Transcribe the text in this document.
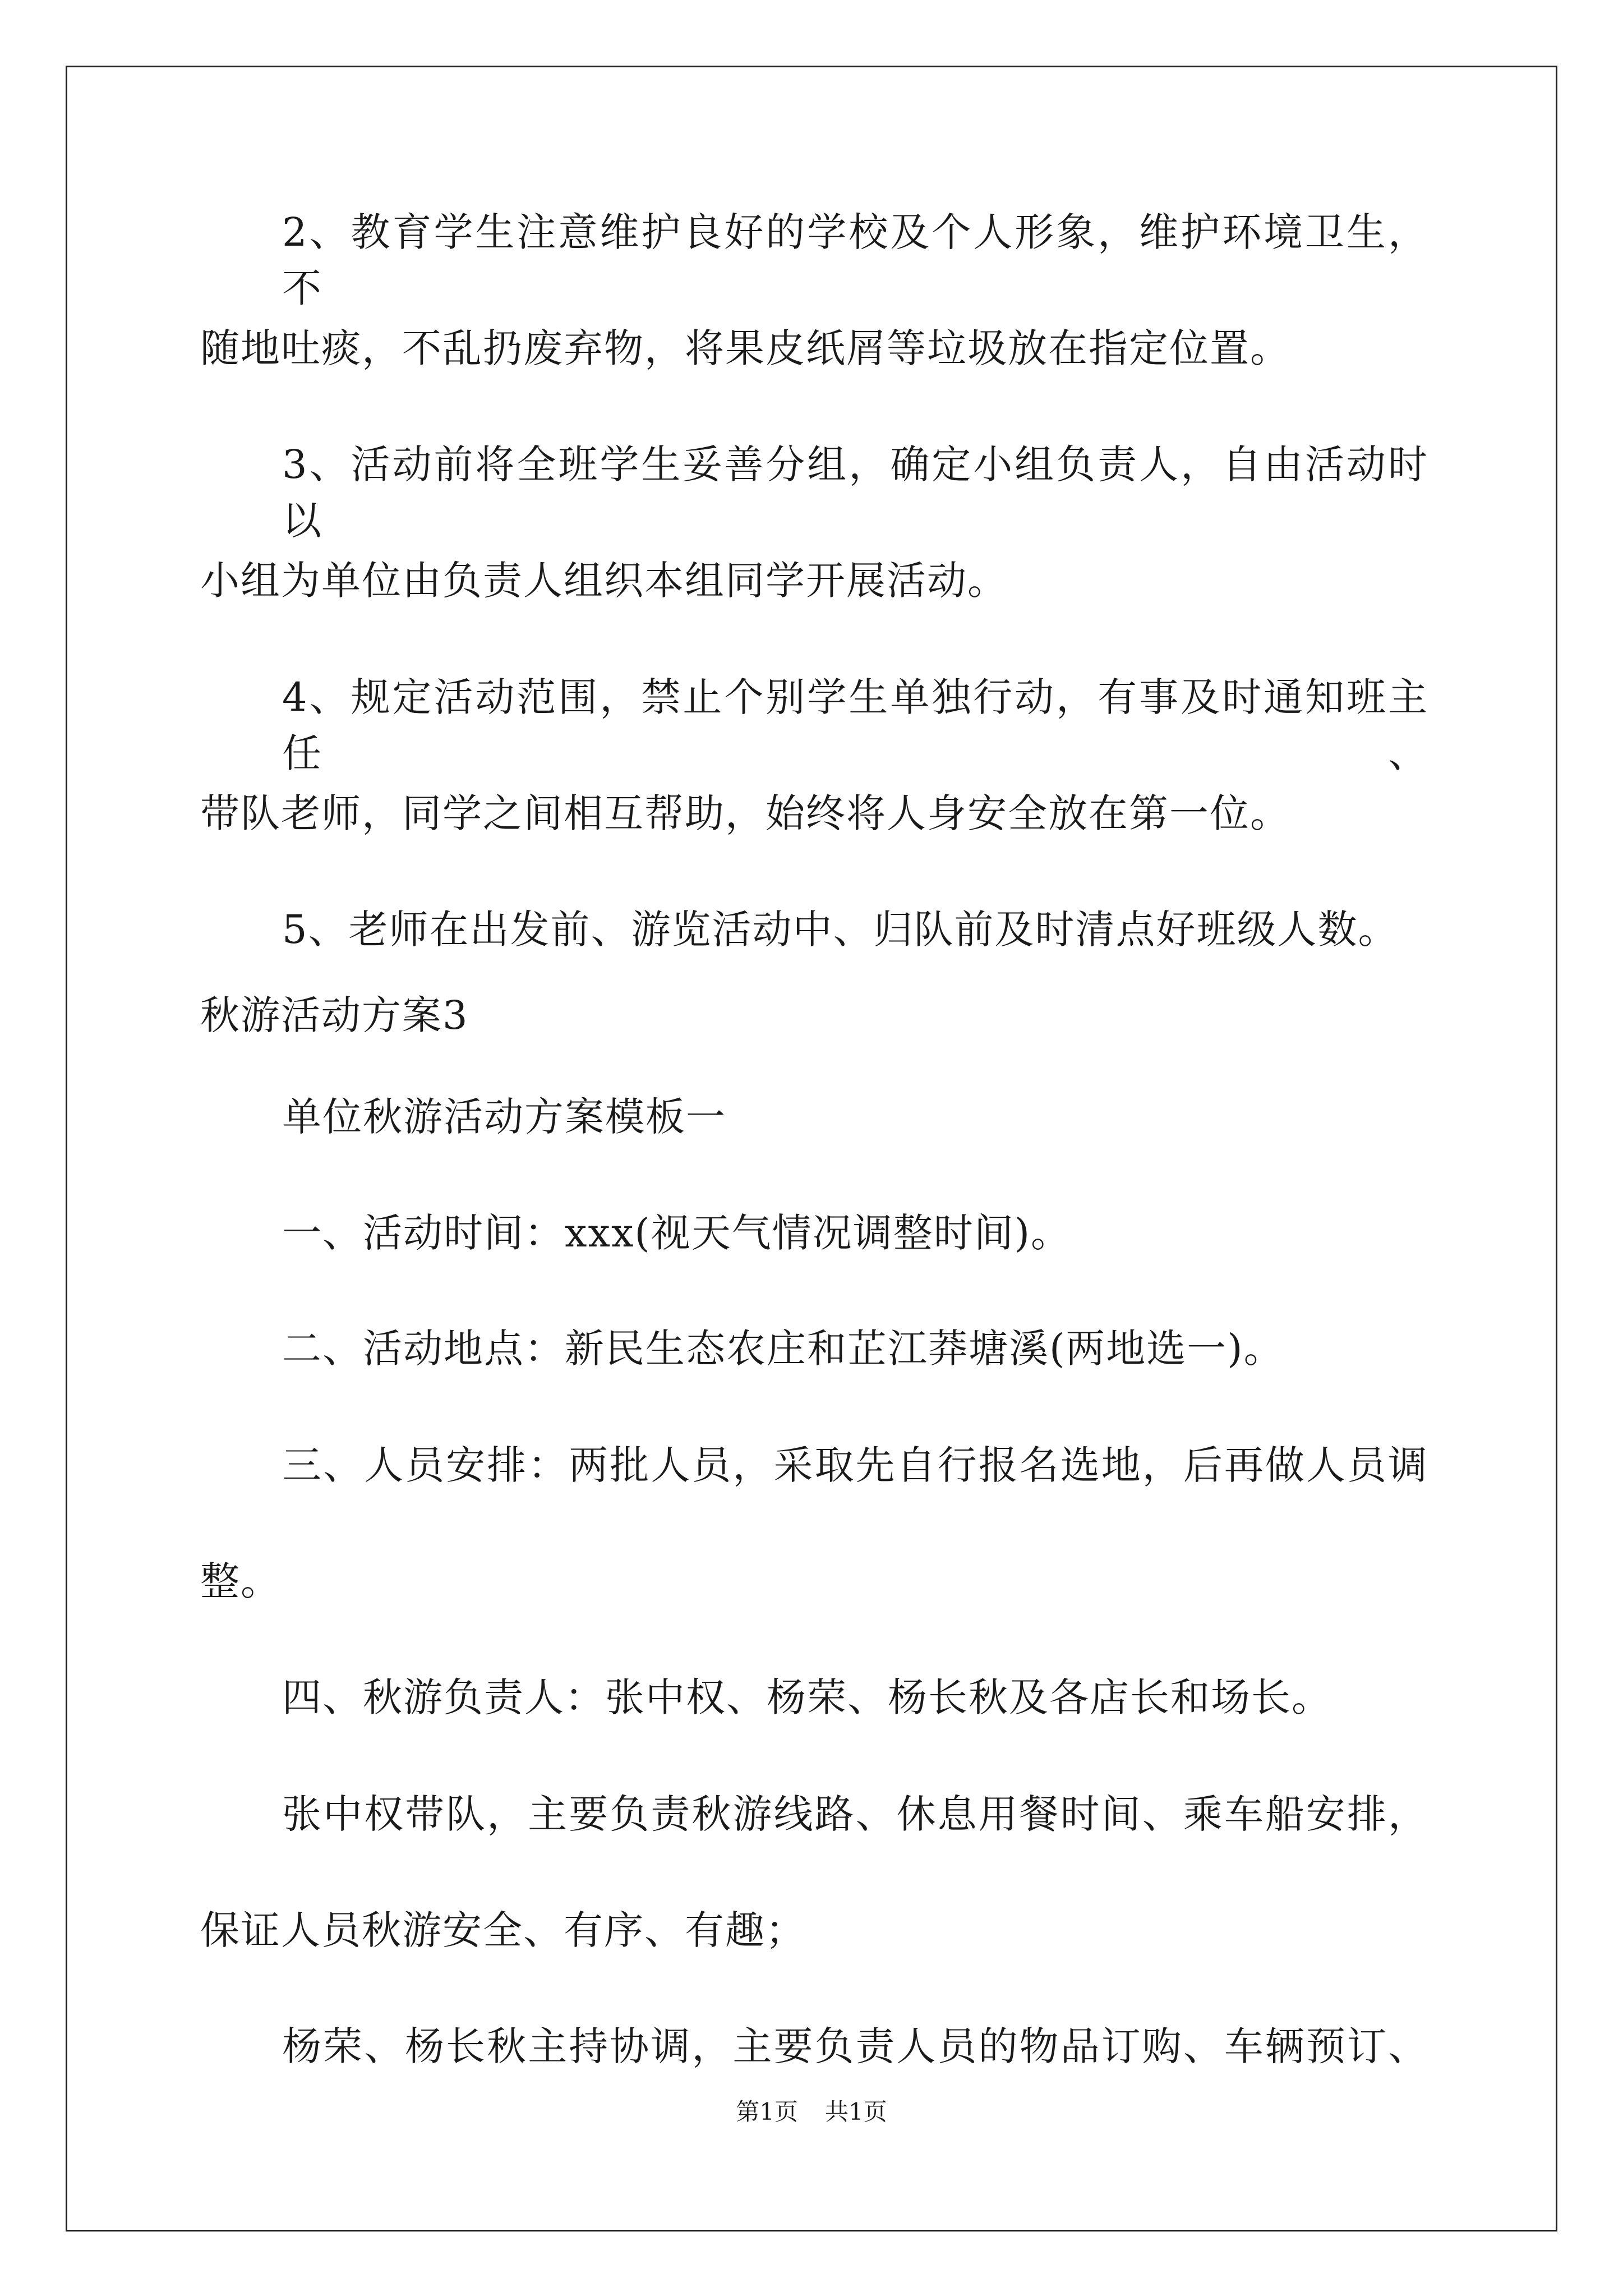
2、教育学生注意维护良好的学校及个人形象，维护环境卫生，不
随地吐痰，不乱扔废弃物，将果皮纸屑等垃圾放在指定位置。
3、活动前将全班学生妥善分组，确定小组负责人，自由活动时以
小组为单位由负责人组织本组同学开展活动。
4、规定活动范围，禁止个别学生单独行动，有事及时通知班主任、
带队老师，同学之间相互帮助，始终将人身安全放在第一位。
5、老师在出发前、游览活动中、归队前及时清点好班级人数。
秋游活动方案3
单位秋游活动方案模板一
一、活动时间：xxx(视天气情况调整时间)。
二、活动地点：新民生态农庄和芷江莽塘溪(两地选一)。
三、人员安排：两批人员，采取先自行报名选地，后再做人员调
整。
四、秋游负责人：张中权、杨荣、杨长秋及各店长和场长。
张中权带队，主要负责秋游线路、休息用餐时间、乘车船安排，
保证人员秋游安全、有序、有趣；
杨荣、杨长秋主持协调，主要负责人员的物品订购、车辆预订、
第1页 共1页
